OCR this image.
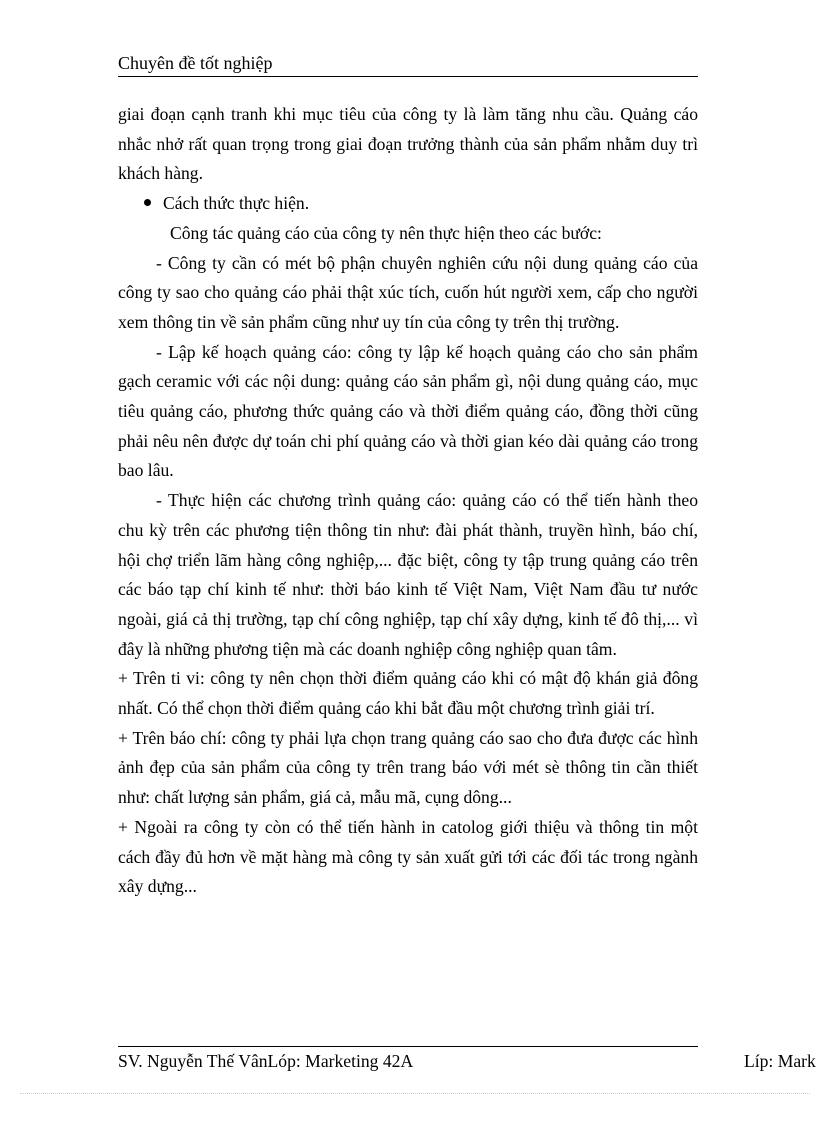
Chuyên đề tốt nghiệp

giai đoạn cạnh tranh khi mục tiêu của công ty là làm tăng nhu cầu. Quảng cáo nhắc nhở rất quan trọng trong giai đoạn trưởng thành của sản phẩm nhằm duy trì khách hàng.

Cách thức thực hiện.

Công tác quảng cáo của công ty nên thực hiện theo các bước:

- Công ty cần có mét bộ phận chuyên nghiên cứu nội dung quảng cáo của công ty sao cho quảng cáo phải thật xúc tích, cuốn hút người xem, cấp cho người xem thông tin về sản phẩm cũng như uy tín của công ty trên thị trường.

- Lập kế hoạch quảng cáo: công ty lập kế hoạch quảng cáo cho sản phẩm gạch ceramic với các nội dung: quảng cáo sản phẩm gì, nội dung quảng cáo, mục tiêu quảng cáo, phương thức quảng cáo và thời điểm quảng cáo, đồng thời cũng phải nêu nên được dự toán chi phí quảng cáo và thời gian kéo dài quảng cáo trong bao lâu.

- Thực hiện các chương trình quảng cáo: quảng cáo có thể tiến hành theo chu kỳ trên các phương tiện thông tin như: đài phát thành, truyền hình, báo chí, hội chợ triển lãm hàng công nghiệp,... đặc biệt, công ty tập trung quảng cáo trên các báo tạp chí kinh tế như: thời báo kinh tế Việt Nam, Việt Nam đầu tư nước ngoài, giá cả thị trường, tạp chí công nghiệp, tạp chí xây dựng, kinh tế đô thị,... vì đây là những phương tiện mà các doanh nghiệp công nghiệp quan tâm.

+ Trên ti vi: công ty nên chọn thời điểm quảng cáo khi có mật độ khán giả đông nhất. Có thể chọn thời điểm quảng cáo khi bắt đầu một chương trình giải trí.

+ Trên báo chí: công ty phải lựa chọn trang quảng cáo sao cho đưa được các hình ảnh đẹp của sản phẩm của công ty trên trang báo với mét sè thông tin cần thiết như: chất lượng sản phẩm, giá cả, mẫu mã, cụng dông...

+ Ngoài ra công ty còn có thể tiến hành in catolog giới thiệu và thông tin một cách đầy đủ hơn về mặt hàng mà công ty sản xuất gửi tới các đối tác trong ngành xây dựng...

SV. Nguyễn Thế VânLóp: Marketing 42A	Líp: Mark
